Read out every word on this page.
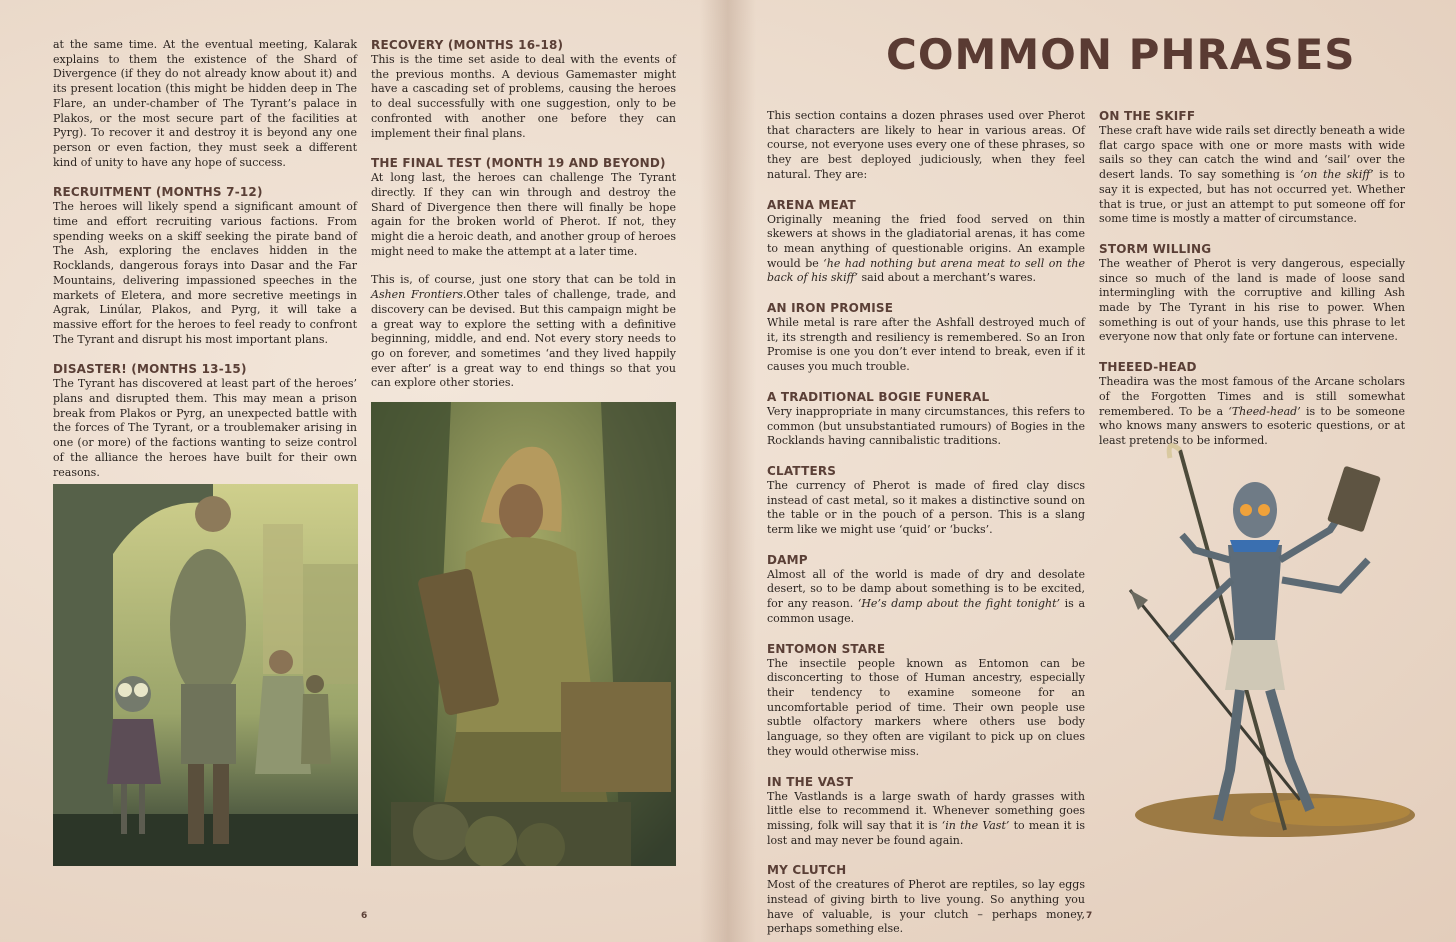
at the same time. At the eventual meeting, Kalarak explains to them the existence of the Shard of Divergence (if they do not already know about it) and its present location (this might be hidden deep in The Flare, an under-chamber of The Tyrant’s palace in Plakos, or the most secure part of the facilities at Pyrg). To recover it and destroy it is beyond any one person or even faction, they must seek a different kind of unity to have any hope of success.

RECRUITMENT (MONTHS 7-12)

The heroes will likely spend a significant amount of time and effort recruiting various factions. From spending weeks on a skiff seeking the pirate band of The Ash, exploring the enclaves hidden in the Rocklands, dangerous forays into Dasar and the Far Mountains, delivering impassioned speeches in the markets of Eletera, and more secretive meetings in Agrak, Linúlar, Plakos, and Pyrg, it will take a massive effort for the heroes to feel ready to confront The Tyrant and disrupt his most important plans.

DISASTER! (MONTHS 13-15)

The Tyrant has discovered at least part of the heroes’ plans and disrupted them. This may mean a prison break from Plakos or Pyrg, an unexpected battle with the forces of The Tyrant, or a troublemaker arising in one (or more) of the factions wanting to seize control of the alliance the heroes have built for their own reasons.

RECOVERY (MONTHS 16-18)

This is the time set aside to deal with the events of the previous months. A devious Gamemaster might have a cascading set of problems, causing the heroes to deal successfully with one suggestion, only to be confronted with another one before they can implement their final plans.

THE FINAL TEST (MONTH 19 AND BEYOND)

At long last, the heroes can challenge The Tyrant directly. If they can win through and destroy the Shard of Divergence then there will finally be hope again for the broken world of Pherot. If not, they might die a heroic death, and another group of heroes might need to make the attempt at a later time.

This is, of course, just one story that can be told in Ashen Frontiers.Other tales of challenge, trade, and discovery can be devised. But this campaign might be a great way to explore the setting with a definitive beginning, middle, and end. Not every story needs to go on forever, and sometimes ‘and they lived happily ever after’ is a great way to end things so that you can explore other stories.

6
COMMON PHRASES

This section contains a dozen phrases used over Pherot that characters are likely to hear in various areas. Of course, not everyone uses every one of these phrases, so they are best deployed judiciously, when they feel natural. They are:

ARENA MEAT

Originally meaning the fried food served on thin skewers at shows in the gladiatorial arenas, it has come to mean anything of questionable origins. An example would be ‘he had nothing but arena meat to sell on the back of his skiff’ said about a merchant’s wares.

AN IRON PROMISE

While metal is rare after the Ashfall destroyed much of it, its strength and resiliency is remembered. So an Iron Promise is one you don’t ever intend to break, even if it causes you much trouble.

A TRADITIONAL BOGIE FUNERAL

Very inappropriate in many circumstances, this refers to common (but unsubstantiated rumours) of Bogies in the Rocklands having cannibalistic traditions.

CLATTERS

The currency of Pherot is made of fired clay discs instead of cast metal, so it makes a distinctive sound on the table or in the pouch of a person. This is a slang term like we might use ‘quid’ or ‘bucks’.

DAMP

Almost all of the world is made of dry and desolate desert, so to be damp about something is to be excited, for any reason. ‘He’s damp about the fight tonight’ is a common usage.

ENTOMON STARE

The insectile people known as Entomon can be disconcerting to those of Human ancestry, especially their tendency to examine someone for an uncomfortable period of time. Their own people use subtle olfactory markers where others use body language, so they often are vigilant to pick up on clues they would otherwise miss.

IN THE VAST

The Vastlands is a large swath of hardy grasses with little else to recommend it. Whenever something goes missing, folk will say that it is ‘in the Vast’ to mean it is lost and may never be found again.

MY CLUTCH

Most of the creatures of Pherot are reptiles, so lay eggs instead of giving birth to live young. So anything you have of valuable, is your clutch – perhaps money, perhaps something else.

ON THE SKIFF

These craft have wide rails set directly beneath a wide flat cargo space with one or more masts with wide sails so they can catch the wind and ‘sail’ over the desert lands. To say something is ‘on the skiff’ is to say it is expected, but has not occurred yet. Whether that is true, or just an attempt to put someone off for some time is mostly a matter of circumstance.

STORM WILLING

The weather of Pherot is very dangerous, especially since so much of the land is made of loose sand intermingling with the corruptive and killing Ash made by The Tyrant in his rise to power. When something is out of your hands, use this phrase to let everyone now that only fate or fortune can intervene.

THEEED-HEAD

Theadira was the most famous of the Arcane scholars of the Forgotten Times and is still somewhat remembered. To be a ‘Theed-head’ is to be someone who knows many answers to esoteric questions, or at least pretends to be informed.

7
